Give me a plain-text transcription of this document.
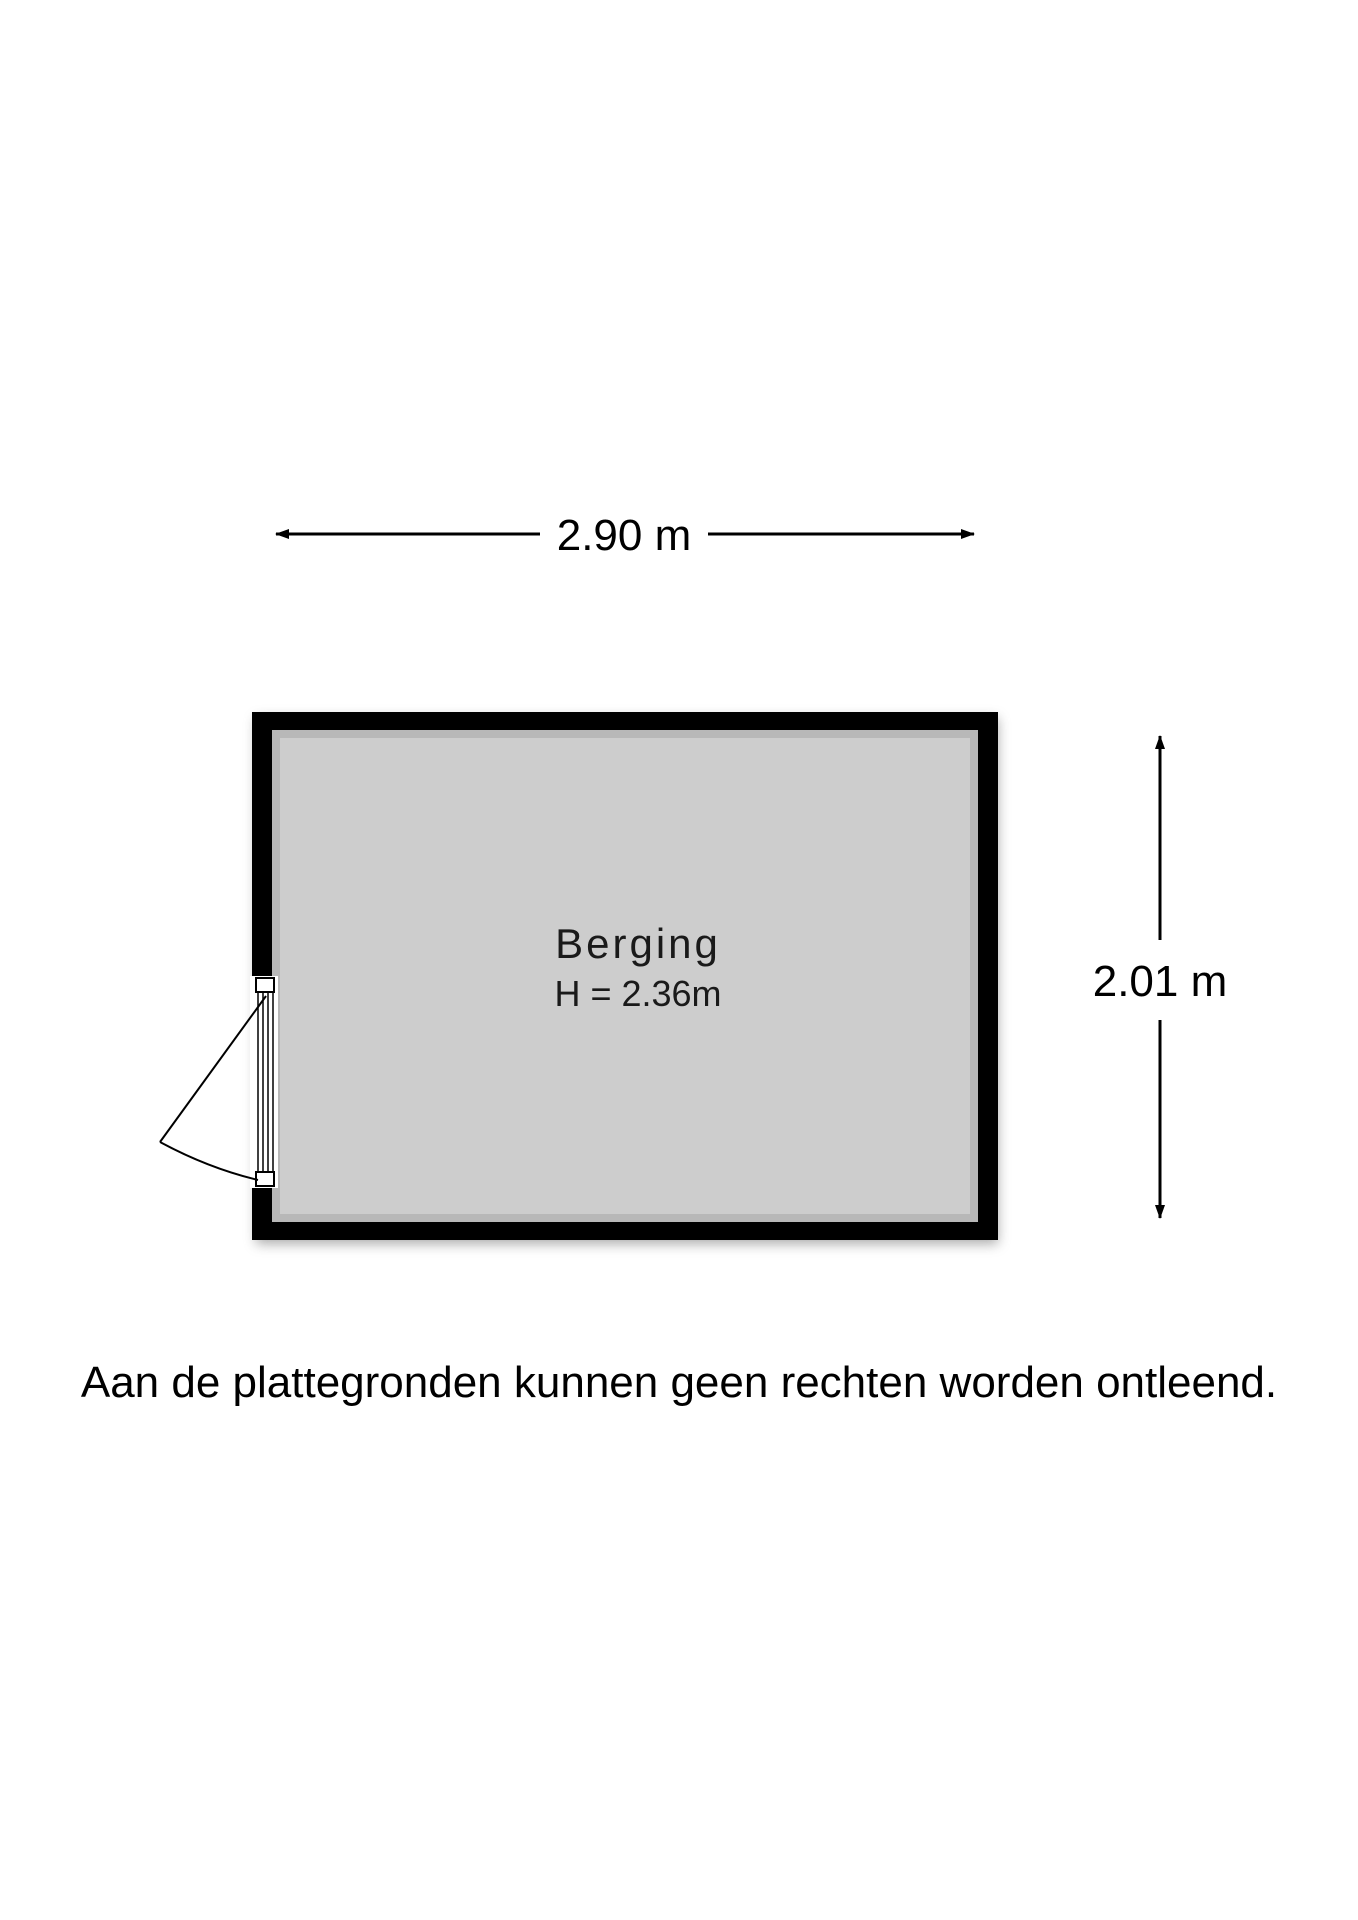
2.90 m
2.01 m
Berging
H = 2.36m
Aan de plattegronden kunnen geen rechten worden ontleend.
